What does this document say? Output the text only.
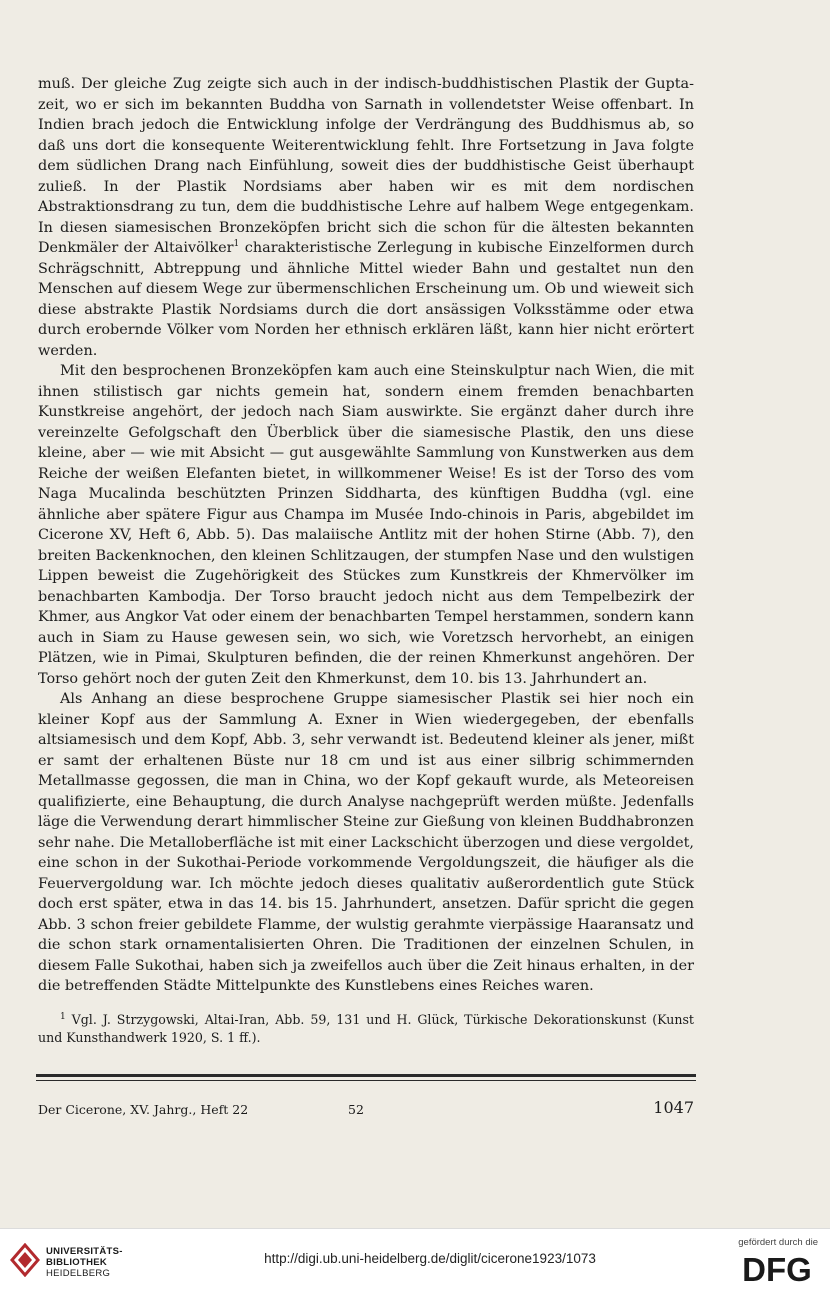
muß. Der gleiche Zug zeigte sich auch in der indisch-buddhistischen Plastik der Gupta-zeit, wo er sich im bekannten Buddha von Sarnath in vollendetster Weise offenbart. In Indien brach jedoch die Entwicklung infolge der Verdrängung des Buddhismus ab, so daß uns dort die konsequente Weiterentwicklung fehlt. Ihre Fortsetzung in Java folgte dem südlichen Drang nach Einfühlung, soweit dies der buddhistische Geist überhaupt zuließ. In der Plastik Nordsiams aber haben wir es mit dem nordischen Abstraktionsdrang zu tun, dem die buddhistische Lehre auf halbem Wege entgegenkam. In diesen siamesischen Bronzeköpfen bricht sich die schon für die ältesten bekannten Denkmäler der Altaivölker$^1$ charakteristische Zerlegung in kubische Einzelformen durch Schrägschnitt, Abtreppung und ähnliche Mittel wieder Bahn und gestaltet nun den Menschen auf diesem Wege zur übermenschlichen Erscheinung um. Ob und wieweit sich diese abstrakte Plastik Nordsiams durch die dort ansässigen Volksstämme oder etwa durch erobernde Völker vom Norden her ethnisch erklären läßt, kann hier nicht erörtert werden.

Mit den besprochenen Bronzeköpfen kam auch eine Steinskulptur nach Wien, die mit ihnen stilistisch gar nichts gemein hat, sondern einem fremden benachbarten Kunstkreise angehört, der jedoch nach Siam auswirkte. Sie ergänzt daher durch ihre vereinzelte Gefolgschaft den Überblick über die siamesische Plastik, den uns diese kleine, aber — wie mit Absicht — gut ausgewählte Sammlung von Kunstwerken aus dem Reiche der weißen Elefanten bietet, in willkommener Weise! Es ist der Torso des vom Naga Mucalinda beschützten Prinzen Siddharta, des künftigen Buddha (vgl. eine ähnliche aber spätere Figur aus Champa im Musée Indo-chinois in Paris, abgebildet im Cicerone XV, Heft 6, Abb. 5). Das malaiische Antlitz mit der hohen Stirne (Abb. 7), den breiten Backenknochen, den kleinen Schlitzaugen, der stumpfen Nase und den wulstigen Lippen beweist die Zugehörigkeit des Stückes zum Kunstkreis der Khmervölker im benachbarten Kambodja. Der Torso braucht jedoch nicht aus dem Tempelbezirk der Khmer, aus Angkor Vat oder einem der benachbarten Tempel herstammen, sondern kann auch in Siam zu Hause gewesen sein, wo sich, wie Voretzsch hervorhebt, an einigen Plätzen, wie in Pimai, Skulpturen befinden, die der reinen Khmerkunst angehören. Der Torso gehört noch der guten Zeit den Khmerkunst, dem 10. bis 13. Jahrhundert an.

Als Anhang an diese besprochene Gruppe siamesischer Plastik sei hier noch ein kleiner Kopf aus der Sammlung A. Exner in Wien wiedergegeben, der ebenfalls altsiamesisch und dem Kopf, Abb. 3, sehr verwandt ist. Bedeutend kleiner als jener, mißt er samt der erhaltenen Büste nur 18 cm und ist aus einer silbrig schimmernden Metallmasse gegossen, die man in China, wo der Kopf gekauft wurde, als Meteoreisen qualifizierte, eine Behauptung, die durch Analyse nachgeprüft werden müßte. Jedenfalls läge die Verwendung derart himmlischer Steine zur Gießung von kleinen Buddhabronzen sehr nahe. Die Metalloberfläche ist mit einer Lackschicht überzogen und diese vergoldet, eine schon in der Sukothai-Periode vorkommende Vergoldungszeit, die häufiger als die Feuervergoldung war. Ich möchte jedoch dieses qualitativ außerordentlich gute Stück doch erst später, etwa in das 14. bis 15. Jahrhundert, ansetzen. Dafür spricht die gegen Abb. 3 schon freier gebildete Flamme, der wulstig gerahmte vierpässige Haaransatz und die schon stark ornamentalisierten Ohren. Die Traditionen der einzelnen Schulen, in diesem Falle Sukothai, haben sich ja zweifellos auch über die Zeit hinaus erhalten, in der die betreffenden Städte Mittelpunkte des Kunstlebens eines Reiches waren.

$^1$ Vgl. J. Strzygowski, Altai-Iran, Abb. 59, 131 und H. Glück, Türkische Dekorationskunst (Kunst und Kunsthandwerk 1920, S. 1 ff.).

Der Cicerone, XV. Jahrg., Heft 22	52	1047
UNIVERSITÄTS-
BIBLIOTHEK
HEIDELBERG
http://digi.ub.uni-heidelberg.de/diglit/cicerone1923/1073
gefördert durch die
DFG
